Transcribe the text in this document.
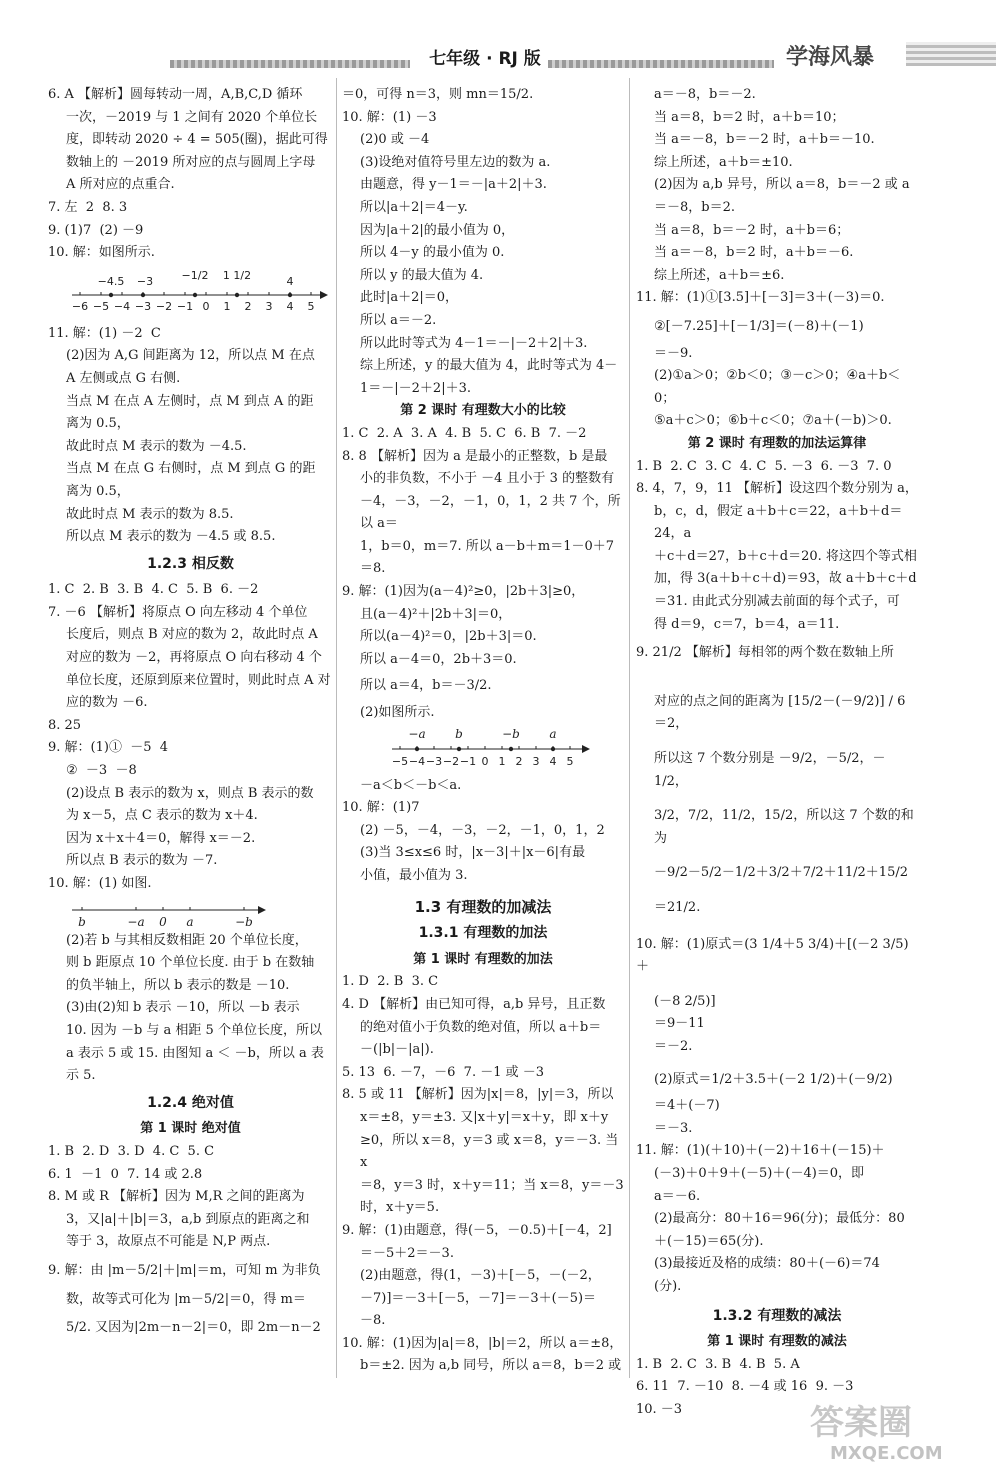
七年级 · RJ 版	学海风暴
6. A 【解析】圆每转动一周，A,B,C,D 循环
一次，－2019 与 1 之间有 2020 个单位长
度，即转动 2020 ÷ 4 = 505(圈)，据此可得
数轴上的 －2019 所对应的点与圆周上字母
A 所对应的点重合.
7. 左  2  8. 3
9. (1)7  (2) －9
10. 解：如图所示.
−6 −5 −4 −3 −2 −1 0 1 2 3 4 5
−4.5 −3	−1/2 1 1/2	4
11. 解：(1) －2  C
(2)因为 A,G 间距离为 12，所以点 M 在点
A 左侧或点 G 右侧.
当点 M 在点 A 左侧时，点 M 到点 A 的距
离为 0.5，
故此时点 M 表示的数为 －4.5.
当点 M 在点 G 右侧时，点 M 到点 G 的距
离为 0.5，
故此时点 M 表示的数为 8.5.
所以点 M 表示的数为 －4.5 或 8.5.
1.2.3 相反数
1. C  2. B  3. B  4. C  5. B  6. －2
7. －6 【解析】将原点 O 向左移动 4 个单位
长度后，则点 B 对应的数为 2，故此时点 A
对应的数为 －2，再将原点 O 向右移动 4 个
单位长度，还原到原来位置时，则此时点 A 对
应的数为 －6.
8. 25
9. 解：(1)①  －5  4
②  －3  －8
(2)设点 B 表示的数为 x，则点 B 表示的数
为 x－5，点 C 表示的数为 x＋4.
因为 x＋x＋4＝0，解得 x＝－2.
所以点 B 表示的数为 －7.
10. 解：(1) 如图.
b	−a 0 a	−b
(2)若 b 与其相反数相距 20 个单位长度，
则 b 距原点 10 个单位长度. 由于 b 在数轴
的负半轴上，所以 b 表示的数是 －10.
(3)由(2)知 b 表示 －10，所以 －b 表示
10. 因为 －b 与 a 相距 5 个单位长度，所以
a 表示 5 或 15. 由图知 a ＜ －b，所以 a 表
示 5.
1.2.4 绝对值
第 1 课时 绝对值
1. B  2. D  3. D  4. C  5. C
6. 1  －1  0  7. 14 或 2.8
8. M 或 R 【解析】因为 M,R 之间的距离为
3，又|a|＋|b|＝3，a,b 到原点的距离之和
等于 3，故原点不可能是 N,P 两点.
9. 解：由 |m－5/2|＋|m|＝m，可知 m 为非负
数，故等式可化为 |m－5/2|＝0，得 m＝
5/2. 又因为|2m－n－2|＝0，即 2m－n－2
＝0，可得 n＝3，则 mn＝15/2.
10. 解：(1) －3
(2)0 或 －4
(3)设绝对值符号里左边的数为 a.
由题意，得 y－1＝－|a＋2|＋3.
所以|a＋2|＝4－y.
因为|a＋2|的最小值为 0，
所以 4－y 的最小值为 0.
所以 y 的最大值为 4.
此时|a＋2|＝0，
所以 a＝－2.
所以此时等式为 4－1＝－|－2＋2|＋3.
综上所述，y 的最大值为 4，此时等式为 4－
1＝－|－2＋2|＋3.
第 2 课时 有理数大小的比较
1. C  2. A  3. A  4. B  5. C  6. B  7. －2
8. 8 【解析】因为 a 是最小的正整数，b 是最
小的非负数，不小于 －4 且小于 3 的整数有
－4，－3，－2，－1，0，1，2 共 7 个，所以 a＝
1，b＝0，m＝7. 所以 a－b＋m＝1－0＋7
＝8.
9. 解：(1)因为(a－4)²≥0，|2b＋3|≥0，
且(a－4)²＋|2b＋3|＝0，
所以(a－4)²＝0，|2b＋3|＝0.
所以 a－4＝0，2b＋3＝0.
所以 a＝4，b＝－3/2.
(2)如图所示.
−5 −4 −3 −2 −1 0 1 2 3 4 5
−a b	−b a
－a＜b＜－b＜a.
10. 解：(1)7
(2) －5，－4，－3，－2，－1，0，1，2
(3)当 3≤x≤6 时，|x－3|＋|x－6|有最
小值，最小值为 3.
1.3 有理数的加减法
1.3.1 有理数的加法
第 1 课时 有理数的加法
1. D  2. B  3. C
4. D 【解析】由已知可得，a,b 异号，且正数
的绝对值小于负数的绝对值，所以 a＋b＝
－(|b|－|a|).
5. 13  6. －7，－6  7. －1 或 －3
8. 5 或 11 【解析】因为|x|＝8，|y|＝3，所以
x＝±8，y＝±3. 又|x＋y|＝x＋y，即 x＋y
≥0，所以 x＝8，y＝3 或 x＝8，y＝－3. 当 x
＝8，y＝3 时，x＋y＝11；当 x＝8，y＝－3
时，x＋y＝5.
9. 解：(1)由题意，得(－5，－0.5)＋[－4，2]
＝－5＋2＝－3.
(2)由题意，得(1，－3)＋[－5，－(－2，
－7)]＝－3＋[－5，－7]＝－3＋(－5)＝
－8.
10. 解：(1)因为|a|＝8，|b|＝2，所以 a＝±8，
b＝±2. 因为 a,b 同号，所以 a＝8，b＝2 或
a＝－8，b＝－2.
当 a＝8，b＝2 时，a＋b＝10；
当 a＝－8，b＝－2 时，a＋b＝－10.
综上所述，a＋b＝±10.
(2)因为 a,b 异号，所以 a＝8，b＝－2 或 a
＝－8，b＝2.
当 a＝8，b＝－2 时，a＋b＝6；
当 a＝－8，b＝2 时，a＋b＝－6.
综上所述，a＋b＝±6.
11. 解：(1)①[3.5]＋[－3]＝3＋(－3)＝0.
②[－7.25]＋[－1/3]＝(－8)＋(－1)
＝－9.
(2)①a＞0；②b＜0；③－c＞0；④a＋b＜0；
⑤a＋c＞0；⑥b＋c＜0；⑦a＋(－b)＞0.
第 2 课时 有理数的加法运算律
1. B  2. C  3. C  4. C  5. －3  6. －3  7. 0
8. 4，7，9，11 【解析】设这四个数分别为 a，
b，c，d，假定 a＋b＋c＝22，a＋b＋d＝24，a
＋c＋d＝27，b＋c＋d＝20. 将这四个等式相
加，得 3(a＋b＋c＋d)＝93，故 a＋b＋c＋d
＝31. 由此式分别减去前面的每个式子，可
得 d＝9，c＝7，b＝4，a＝11.
9. 21/2 【解析】每相邻的两个数在数轴上所
对应的点之间的距离为 [15/2－(－9/2)] / 6 ＝2，
所以这 7 个数分别是 －9/2，－5/2，－1/2，
3/2，7/2，11/2，15/2，所以这 7 个数的和为
－9/2－5/2－1/2＋3/2＋7/2＋11/2＋15/2
＝21/2.
10. 解：(1)原式＝(3 1/4＋5 3/4)＋[(－2 3/5)＋
(－8 2/5)]
＝9－11
＝－2.
(2)原式＝1/2＋3.5＋(－2 1/2)＋(－9/2)
＝4＋(－7)
＝－3.
11. 解：(1)(＋10)＋(－2)＋16＋(－15)＋
(－3)＋0＋9＋(－5)＋(－4)＝0，即
a＝－6.
(2)最高分：80＋16＝96(分)；最低分：80
＋(－15)＝65(分).
(3)最接近及格的成绩：80＋(－6)＝74
(分).
1.3.2 有理数的减法
第 1 课时 有理数的减法
1. B  2. C  3. B  4. B  5. A
6. 11  7. －10  8. －4 或 16  9. －3
10. －3	答案圈
MXQE.COM
